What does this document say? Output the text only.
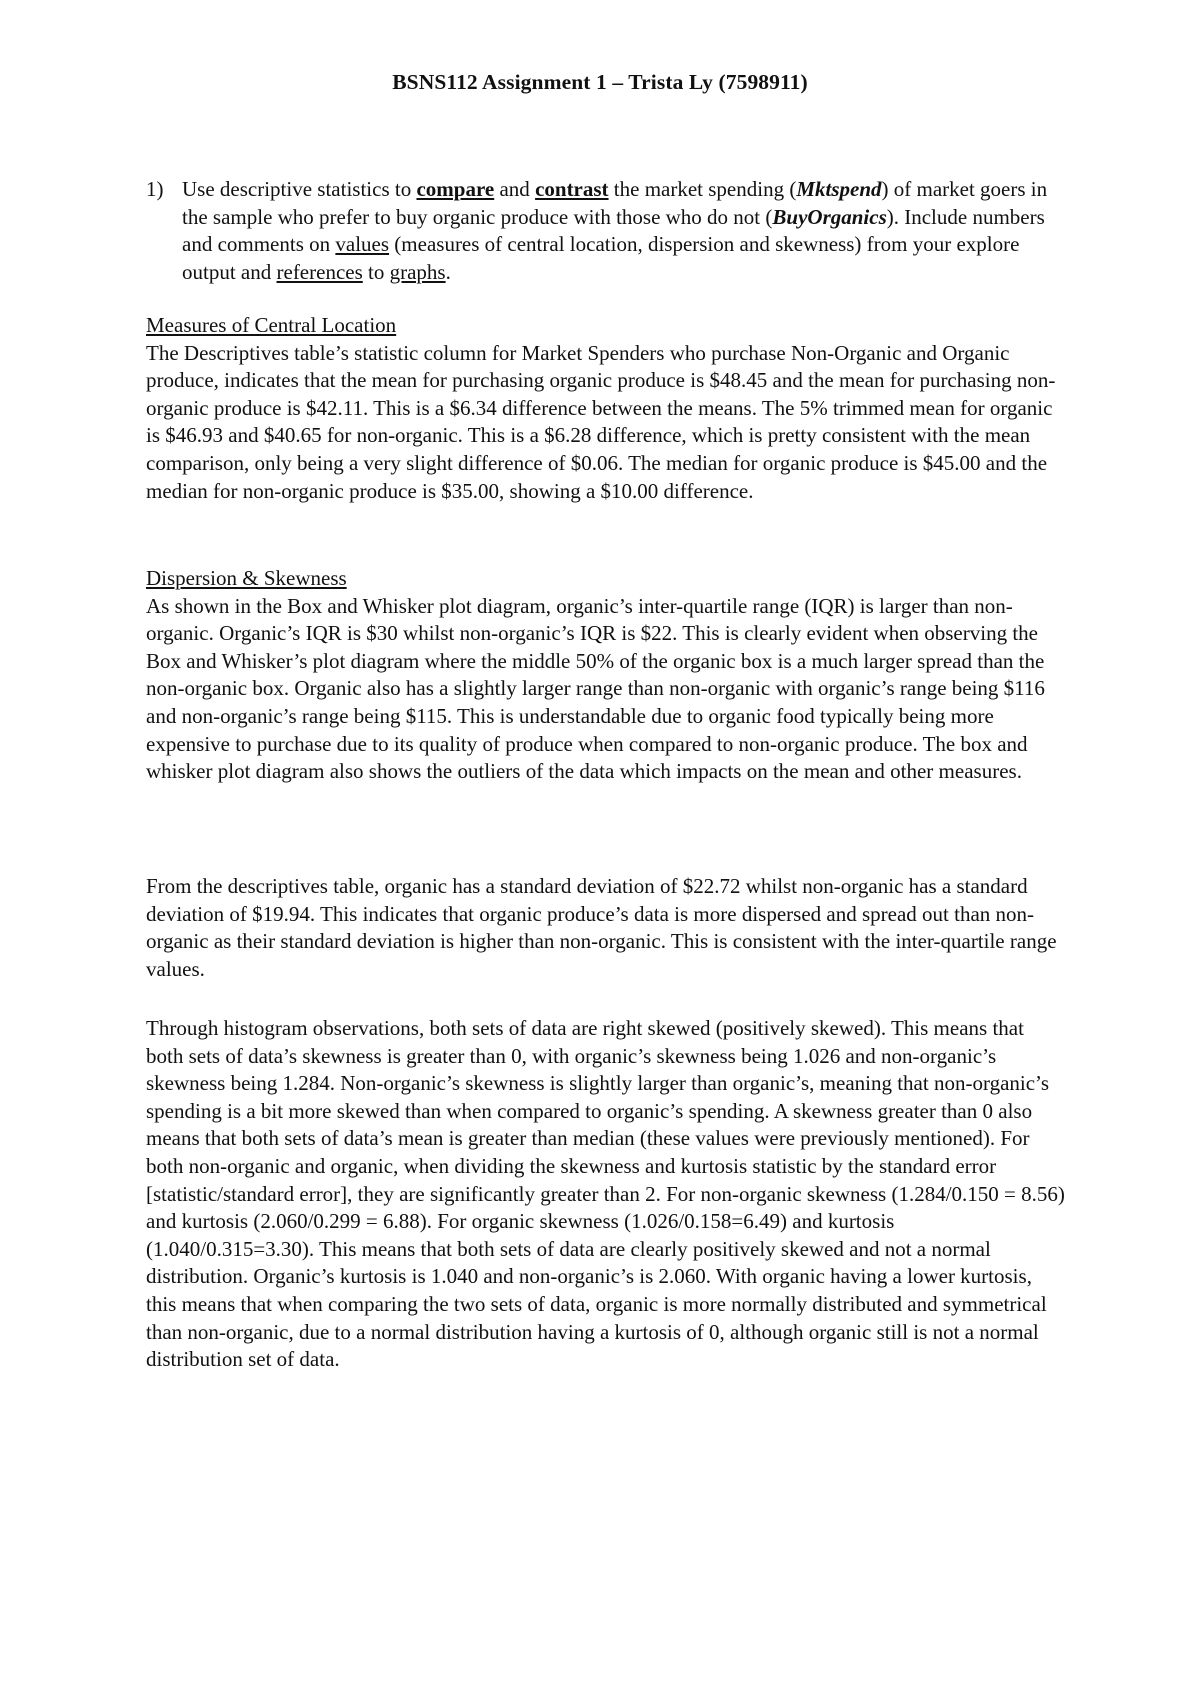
BSNS112 Assignment 1 – Trista Ly (7598911)
1) Use descriptive statistics to compare and contrast the market spending (Mktspend) of market goers in the sample who prefer to buy organic produce with those who do not (BuyOrganics). Include numbers and comments on values (measures of central location, dispersion and skewness) from your explore output and references to graphs.
Measures of Central Location

The Descriptives table’s statistic column for Market Spenders who purchase Non-Organic and Organic produce, indicates that the mean for purchasing organic produce is $48.45 and the mean for purchasing non-organic produce is $42.11. This is a $6.34 difference between the means. The 5% trimmed mean for organic is $46.93 and $40.65 for non-organic. This is a $6.28 difference, which is pretty consistent with the mean comparison, only being a very slight difference of $0.06. The median for organic produce is $45.00 and the median for non-organic produce is $35.00, showing a $10.00 difference.

Dispersion & Skewness

As shown in the Box and Whisker plot diagram, organic’s inter-quartile range (IQR) is larger than non-organic. Organic’s IQR is $30 whilst non-organic’s IQR is $22. This is clearly evident when observing the Box and Whisker’s plot diagram where the middle 50% of the organic box is a much larger spread than the non-organic box. Organic also has a slightly larger range than non-organic with organic’s range being $116 and non-organic’s range being $115. This is understandable due to organic food typically being more expensive to purchase due to its quality of produce when compared to non-organic produce. The box and whisker plot diagram also shows the outliers of the data which impacts on the mean and other measures.

From the descriptives table, organic has a standard deviation of $22.72 whilst non-organic has a standard deviation of $19.94. This indicates that organic produce’s data is more dispersed and spread out than non-organic as their standard deviation is higher than non-organic. This is consistent with the inter-quartile range values.

Through histogram observations, both sets of data are right skewed (positively skewed). This means that both sets of data’s skewness is greater than 0, with organic’s skewness being 1.026 and non-organic’s skewness being 1.284. Non-organic’s skewness is slightly larger than organic’s, meaning that non-organic’s spending is a bit more skewed than when compared to organic’s spending. A skewness greater than 0 also means that both sets of data’s mean is greater than median (these values were previously mentioned). For both non-organic and organic, when dividing the skewness and kurtosis statistic by the standard error [statistic/standard error], they are significantly greater than 2. For non-organic skewness (1.284/0.150 = 8.56) and kurtosis (2.060/0.299 = 6.88). For organic skewness (1.026/0.158=6.49) and kurtosis (1.040/0.315=3.30). This means that both sets of data are clearly positively skewed and not a normal distribution. Organic’s kurtosis is 1.040 and non-organic’s is 2.060. With organic having a lower kurtosis, this means that when comparing the two sets of data, organic is more normally distributed and symmetrical than non-organic, due to a normal distribution having a kurtosis of 0, although organic still is not a normal distribution set of data.
